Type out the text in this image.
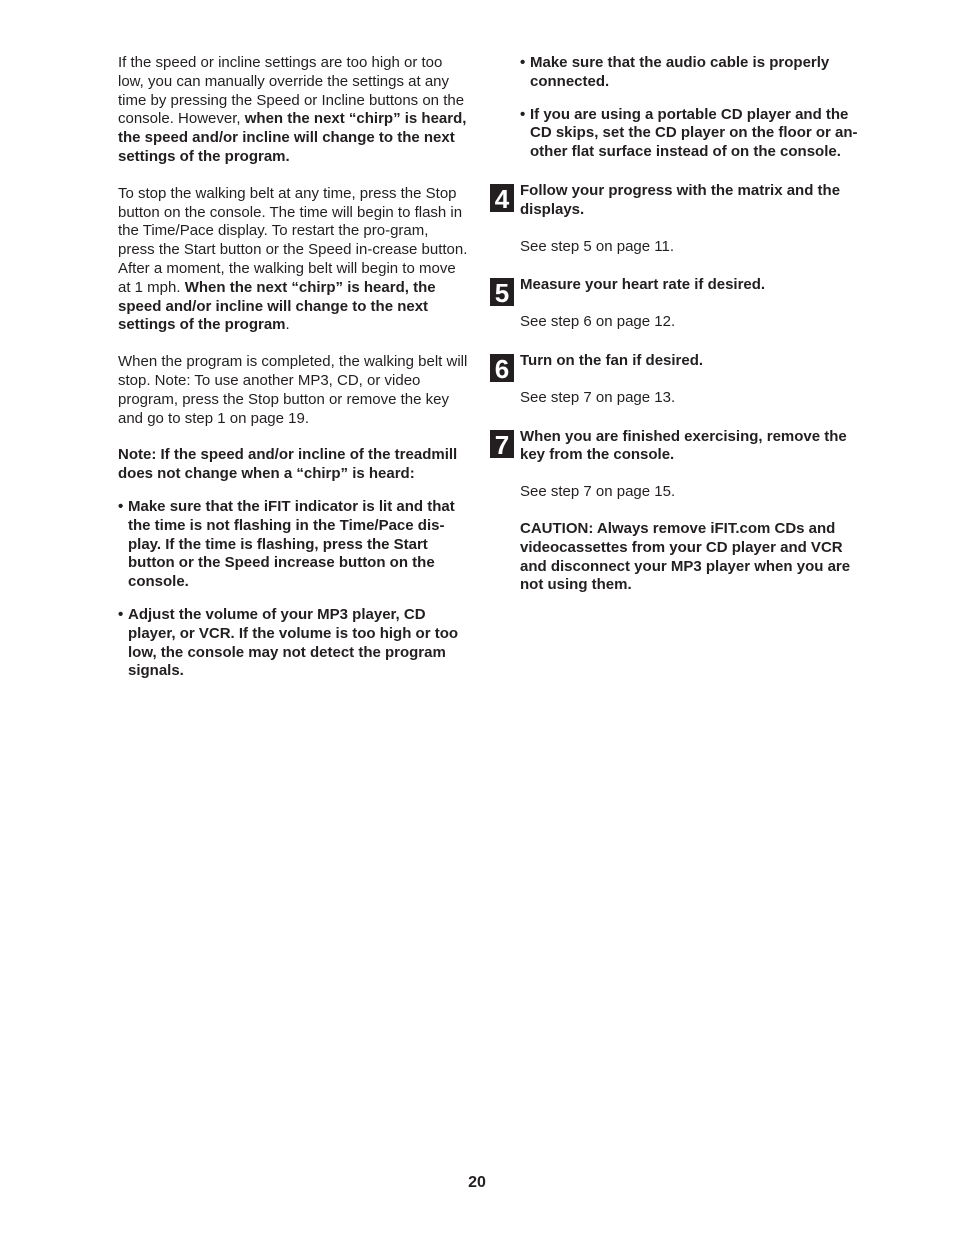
If the speed or incline settings are too high or too low, you can manually override the settings at any time by pressing the Speed or Incline buttons on the console. However, when the next “chirp” is heard, the speed and/or incline will change to the next settings of the program.

To stop the walking belt at any time, press the Stop button on the console. The time will begin to flash in the Time/Pace display. To restart the pro-gram, press the Start button or the Speed in-crease button. After a moment, the walking belt will begin to move at 1 mph. When the next “chirp” is heard, the speed and/or incline will change to the next settings of the program.

When the program is completed, the walking belt will stop. Note: To use another MP3, CD, or video program, press the Stop button or remove the key and go to step 1 on page 19.

Note: If the speed and/or incline of the treadmill does not change when a “chirp” is heard:

• Make sure that the iFIT indicator is lit and that the time is not flashing in the Time/Pace dis-play. If the time is flashing, press the Start button or the Speed increase button on the console.
• Adjust the volume of your MP3 player, CD player, or VCR. If the volume is too high or too low, the console may not detect the program signals.
• Make sure that the audio cable is properly connected.
• If you are using a portable CD player and the CD skips, set the CD player on the floor or an-other flat surface instead of on the console.
4 Follow your progress with the matrix and the displays.

See step 5 on page 11.

5 Measure your heart rate if desired.

See step 6 on page 12.

6 Turn on the fan if desired.

See step 7 on page 13.

7 When you are finished exercising, remove the key from the console.

See step 7 on page 15.

CAUTION: Always remove iFIT.com CDs and videocassettes from your CD player and VCR and disconnect your MP3 player when you are not using them.

20
